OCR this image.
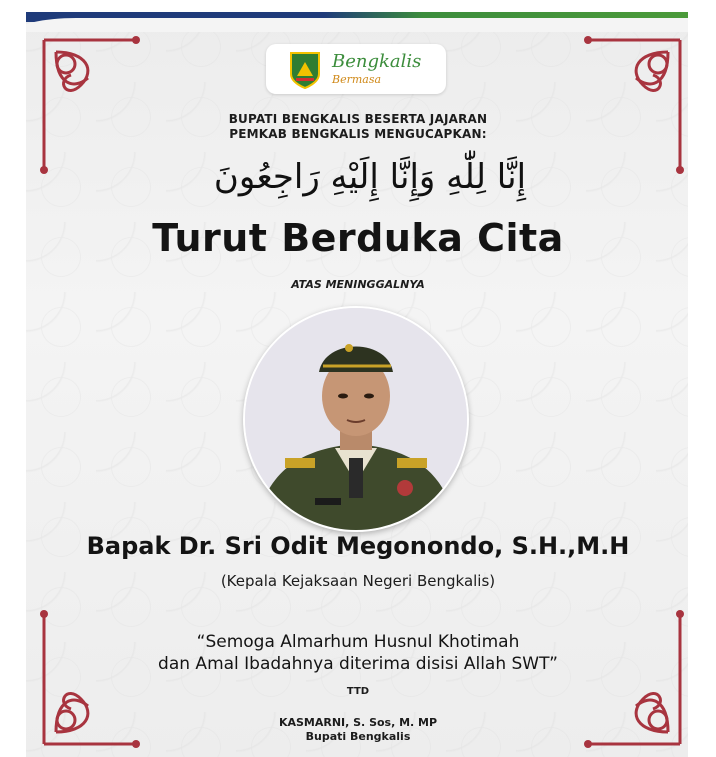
Bengkalis
Bermasa
BUPATI BENGKALIS BESERTA JAJARAN
PEMKAB BENGKALIS MENGUCAPKAN:
إِنَّا لِلّٰهِ وَإِنَّا إِلَيْهِ رَاجِعُونَ
Turut Berduka Cita
ATAS MENINGGALNYA
Bapak Dr. Sri Odit Megonondo, S.H.,M.H
(Kepala Kejaksaan Negeri Bengkalis)
“Semoga Almarhum Husnul Khotimah
dan Amal Ibadahnya diterima disisi Allah SWT”
TTD
KASMARNI, S. Sos, M. MP
Bupati Bengkalis
